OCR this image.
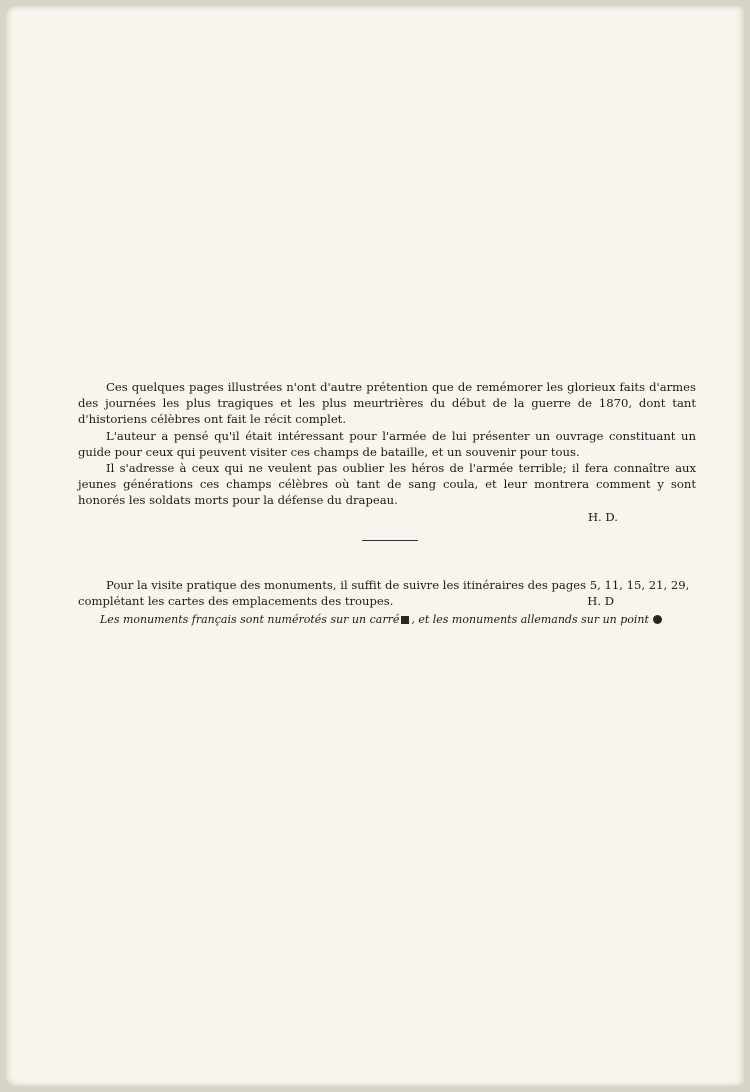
Ces quelques pages illustrées n'ont d'autre prétention que de remémorer les glorieux faits d'armes des journées les plus tragiques et les plus meurtrières du début de la guerre de 1870, dont tant d'historiens célèbres ont fait le récit complet.

L'auteur a pensé qu'il était intéressant pour l'armée de lui présenter un ouvrage constituant un guide pour ceux qui peuvent visiter ces champs de bataille, et un souvenir pour tous.

Il s'adresse à ceux qui ne veulent pas oublier les héros de l'armée terrible; il fera connaître aux jeunes générations ces champs célèbres où tant de sang coula, et leur montrera comment y sont honorés les soldats morts pour la défense du drapeau.

H. D.

Pour la visite pratique des monuments, il suffit de suivre les itinéraires des pages 5, 11, 15, 21, 29,
complétant les cartes des emplacements des troupes.	H. D
Les monuments français sont numérotés sur un carré , et les monuments allemands sur un point
